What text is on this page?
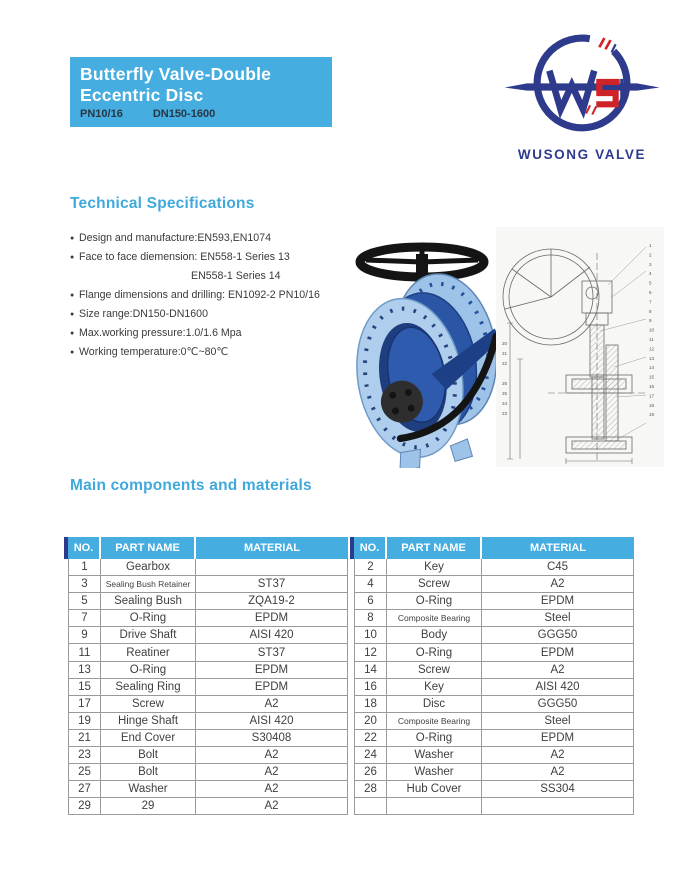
Butterfly Valve-Double
Eccentric Disc
PN10/16	DN150-1600
WUSONG VALVE
Technical Specifications
● Design and manufacture:EN593,EN1074
● Face to face diemension: EN558-1 Series 13
EN558-1 Series 14
● Flange dimensions and drilling: EN1092-2 PN10/16
● Size range:DN150-DN1600
● Max.working pressure:1.0/1.6 Mpa
● Working temperature:0℃~80℃
1
2
3
4
5
6
7
8
9
10
11
12
13
14
15
16
17
18
19
20
21
22
26
25
24
23
Main components and materials
NO.	PART NAME	MATERIAL
1	Gearbox
3	Sealing Bush Retainer	ST37
5	Sealing Bush	ZQA19-2
7	O-Ring	EPDM
9	Drive Shaft	AISI 420
11	Reatiner	ST37
13	O-Ring	EPDM
15	Sealing Ring	EPDM
17	Screw	A2
19	Hinge Shaft	AISI 420
21	End Cover	S30408
23	Bolt	A2
25	Bolt	A2
27	Washer	A2
29	29	A2
NO.	PART NAME	MATERIAL
2	Key	C45
4	Screw	A2
6	O-Ring	EPDM
8	Composite Bearing	Steel
10	Body	GGG50
12	O-Ring	EPDM
14	Screw	A2
16	Key	AISI 420
18	Disc	GGG50
20	Composite Bearing	Steel
22	O-Ring	EPDM
24	Washer	A2
26	Washer	A2
28	Hub Cover	SS304
